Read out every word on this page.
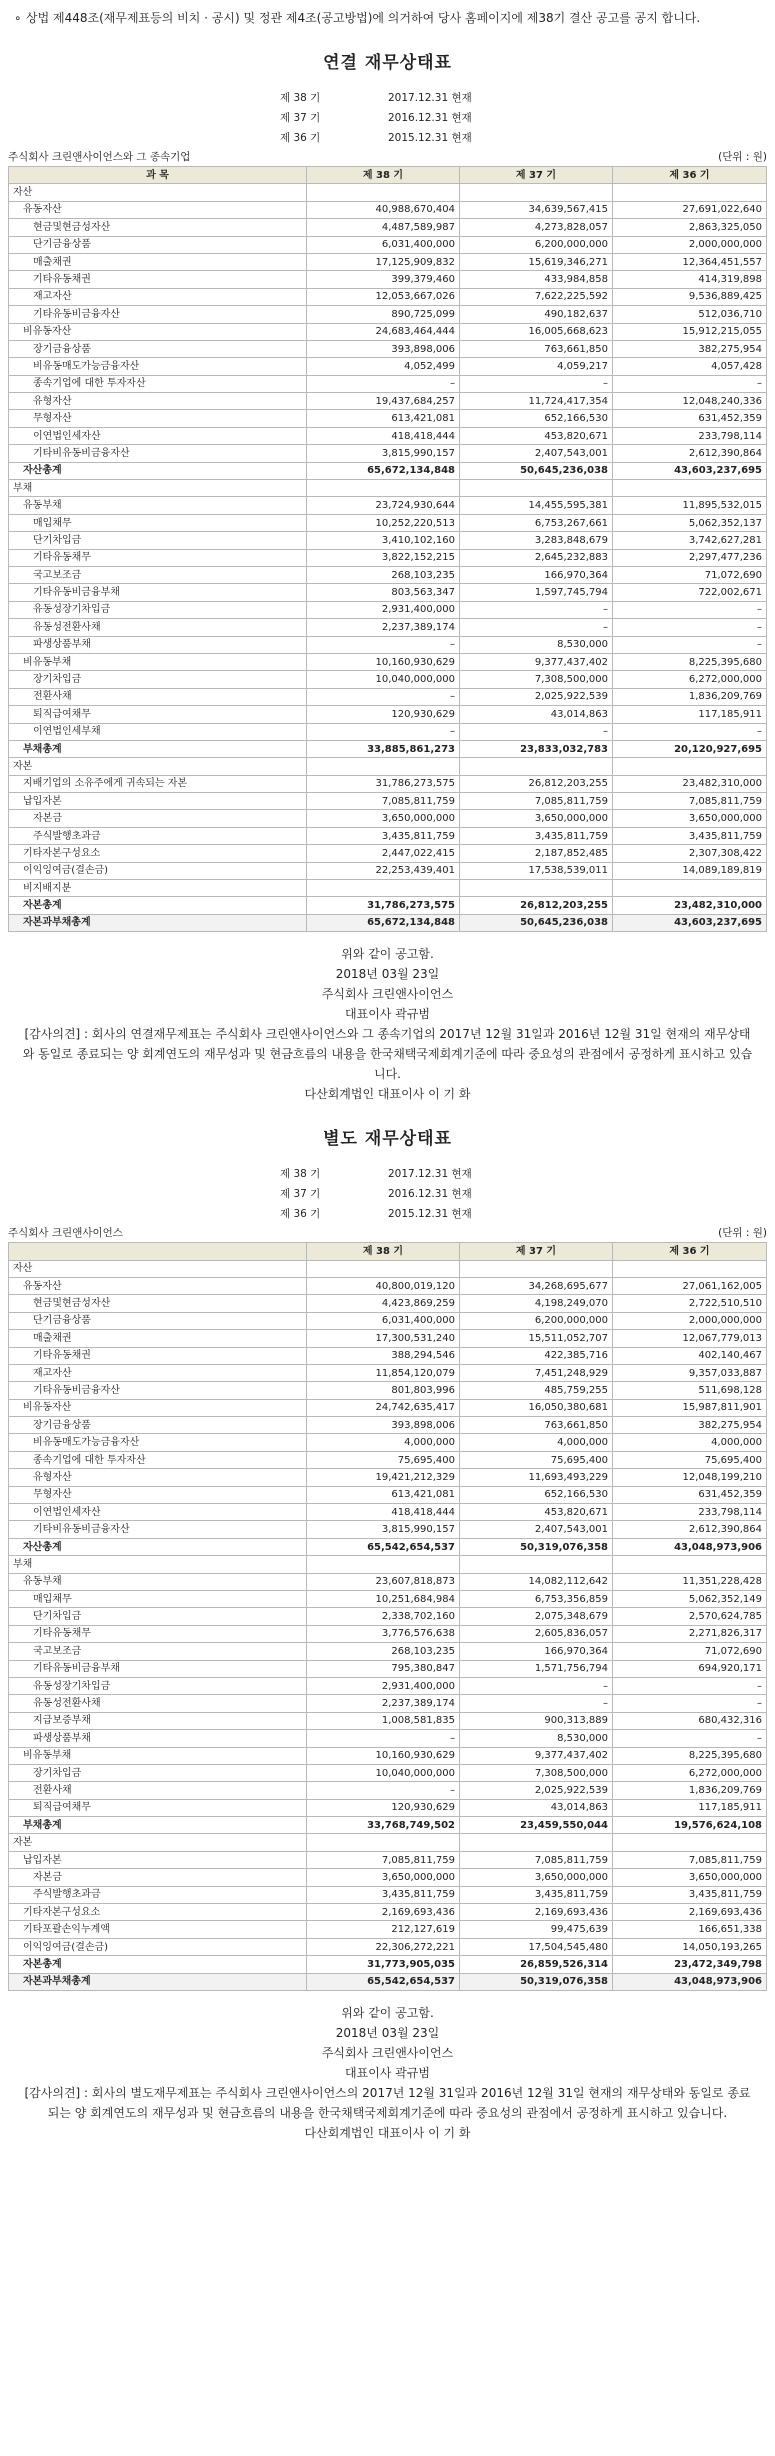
∘ 상법 제448조(재무제표등의 비치 · 공시) 및 정관 제4조(공고방법)에 의거하여 당사 홈페이지에 제38기 결산 공고를 공지 합니다.
연결 재무상태표
제 38 기	2017.12.31 현재
제 37 기	2016.12.31 현재
제 36 기	2015.12.31 현재
주식회사 크린앤사이언스와 그 종속기업	(단위 : 원)
과 목	제 38 기	제 37 기	제 36 기
자산			
유동자산	40,988,670,404	34,639,567,415	27,691,022,640
현금및현금성자산	4,487,589,987	4,273,828,057	2,863,325,050
단기금융상품	6,031,400,000	6,200,000,000	2,000,000,000
매출채권	17,125,909,832	15,619,346,271	12,364,451,557
기타유동채권	399,379,460	433,984,858	414,319,898
재고자산	12,053,667,026	7,622,225,592	9,536,889,425
기타유동비금융자산	890,725,099	490,182,637	512,036,710
비유동자산	24,683,464,444	16,005,668,623	15,912,215,055
장기금융상품	393,898,006	763,661,850	382,275,954
비유동매도가능금융자산	4,052,499	4,059,217	4,057,428
종속기업에 대한 투자자산	–	–	–
유형자산	19,437,684,257	11,724,417,354	12,048,240,336
무형자산	613,421,081	652,166,530	631,452,359
이연법인세자산	418,418,444	453,820,671	233,798,114
기타비유동비금융자산	3,815,990,157	2,407,543,001	2,612,390,864
자산총계	65,672,134,848	50,645,236,038	43,603,237,695
부채			
유동부채	23,724,930,644	14,455,595,381	11,895,532,015
매입채무	10,252,220,513	6,753,267,661	5,062,352,137
단기차입금	3,410,102,160	3,283,848,679	3,742,627,281
기타유동채무	3,822,152,215	2,645,232,883	2,297,477,236
국고보조금	268,103,235	166,970,364	71,072,690
기타유동비금융부채	803,563,347	1,597,745,794	722,002,671
유동성장기차입금	2,931,400,000	–	–
유동성전환사채	2,237,389,174	–	–
파생상품부채	–	8,530,000	–
비유동부채	10,160,930,629	9,377,437,402	8,225,395,680
장기차입금	10,040,000,000	7,308,500,000	6,272,000,000
전환사채	–	2,025,922,539	1,836,209,769
퇴직급여채무	120,930,629	43,014,863	117,185,911
이연법인세부채	–	–	–
부채총계	33,885,861,273	23,833,032,783	20,120,927,695
자본			
지배기업의 소유주에게 귀속되는 자본	31,786,273,575	26,812,203,255	23,482,310,000
납입자본	7,085,811,759	7,085,811,759	7,085,811,759
자본금	3,650,000,000	3,650,000,000	3,650,000,000
주식발행초과금	3,435,811,759	3,435,811,759	3,435,811,759
기타자본구성요소	2,447,022,415	2,187,852,485	2,307,308,422
이익잉여금(결손금)	22,253,439,401	17,538,539,011	14,089,189,819
비지배지분			
자본총계	31,786,273,575	26,812,203,255	23,482,310,000
자본과부채총계	65,672,134,848	50,645,236,038	43,603,237,695
위와 같이 공고함.
2018년 03월 23일
주식회사 크린앤사이언스
대표이사 곽규범
[감사의견] : 회사의 연결재무제표는 주식회사 크린앤사이언스와 그 종속기업의 2017년 12월 31일과 2016년 12월 31일 현재의 재무상태와 동일로 종료되는 양 회계연도의 재무성과 및 현금흐름의 내용을 한국채택국제회계기준에 따라 중요성의 관점에서 공정하게 표시하고 있습니다.
다산회계법인 대표이사 이 기 화
별도 재무상태표
제 38 기	2017.12.31 현재
제 37 기	2016.12.31 현재
제 36 기	2015.12.31 현재
주식회사 크린앤사이언스	(단위 : 원)
	제 38 기	제 37 기	제 36 기
자산			
유동자산	40,800,019,120	34,268,695,677	27,061,162,005
현금및현금성자산	4,423,869,259	4,198,249,070	2,722,510,510
단기금융상품	6,031,400,000	6,200,000,000	2,000,000,000
매출채권	17,300,531,240	15,511,052,707	12,067,779,013
기타유동채권	388,294,546	422,385,716	402,140,467
재고자산	11,854,120,079	7,451,248,929	9,357,033,887
기타유동비금융자산	801,803,996	485,759,255	511,698,128
비유동자산	24,742,635,417	16,050,380,681	15,987,811,901
장기금융상품	393,898,006	763,661,850	382,275,954
비유동매도가능금융자산	4,000,000	4,000,000	4,000,000
종속기업에 대한 투자자산	75,695,400	75,695,400	75,695,400
유형자산	19,421,212,329	11,693,493,229	12,048,199,210
무형자산	613,421,081	652,166,530	631,452,359
이연법인세자산	418,418,444	453,820,671	233,798,114
기타비유동비금융자산	3,815,990,157	2,407,543,001	2,612,390,864
자산총계	65,542,654,537	50,319,076,358	43,048,973,906
부채			
유동부채	23,607,818,873	14,082,112,642	11,351,228,428
매입채무	10,251,684,984	6,753,356,859	5,062,352,149
단기차입금	2,338,702,160	2,075,348,679	2,570,624,785
기타유동채무	3,776,576,638	2,605,836,057	2,271,826,317
국고보조금	268,103,235	166,970,364	71,072,690
기타유동비금융부채	795,380,847	1,571,756,794	694,920,171
유동성장기차입금	2,931,400,000	–	–
유동성전환사채	2,237,389,174	–	–
지급보증부채	1,008,581,835	900,313,889	680,432,316
파생상품부채	–	8,530,000	–
비유동부채	10,160,930,629	9,377,437,402	8,225,395,680
장기차입금	10,040,000,000	7,308,500,000	6,272,000,000
전환사채	–	2,025,922,539	1,836,209,769
퇴직급여채무	120,930,629	43,014,863	117,185,911
부채총계	33,768,749,502	23,459,550,044	19,576,624,108
자본			
납입자본	7,085,811,759	7,085,811,759	7,085,811,759
자본금	3,650,000,000	3,650,000,000	3,650,000,000
주식발행초과금	3,435,811,759	3,435,811,759	3,435,811,759
기타자본구성요소	2,169,693,436	2,169,693,436	2,169,693,436
기타포괄손익누계액	212,127,619	99,475,639	166,651,338
이익잉여금(결손금)	22,306,272,221	17,504,545,480	14,050,193,265
자본총계	31,773,905,035	26,859,526,314	23,472,349,798
자본과부채총계	65,542,654,537	50,319,076,358	43,048,973,906
위와 같이 공고함.
2018년 03월 23일
주식회사 크린앤사이언스
대표이사 곽규범
[감사의견] : 회사의 별도재무제표는 주식회사 크린앤사이언스의 2017년 12월 31일과 2016년 12월 31일 현재의 재무상태와 동일로 종료되는 양 회계연도의 재무성과 및 현금흐름의 내용을 한국채택국제회계기준에 따라 중요성의 관점에서 공정하게 표시하고 있습니다.
다산회계법인 대표이사 이 기 화
